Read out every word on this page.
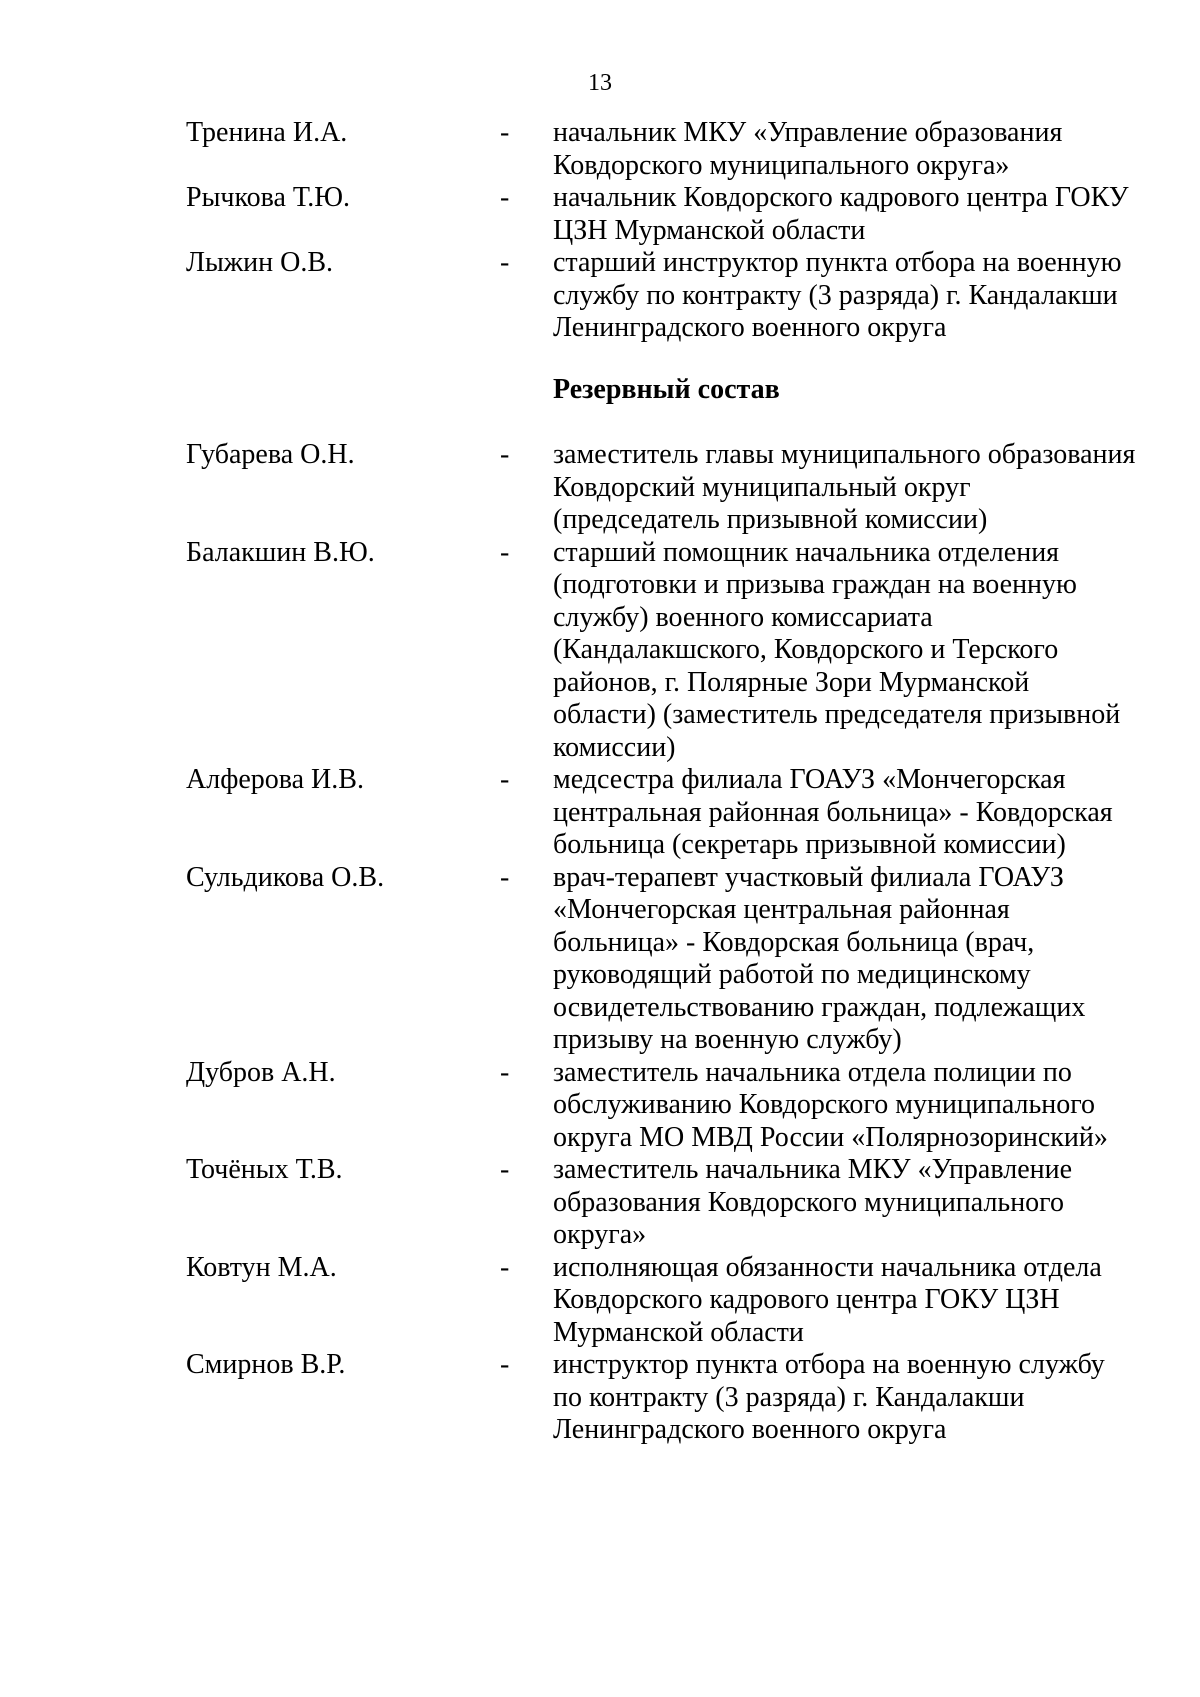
13
Тренина И.А.	- начальник МКУ «Управление образования
Ковдорского муниципального округа»
Рычкова Т.Ю.	- начальник Ковдорского кадрового центра ГОКУ
ЦЗН Мурманской области
Лыжин О.В.	- старший инструктор пункта отбора на военную
службу по контракту (3 разряда) г. Кандалакши
Ленинградского военного округа
Резервный состав
Губарева О.Н.	- заместитель главы муниципального образования
Ковдорский муниципальный округ
(председатель призывной комиссии)
Балакшин В.Ю.	- старший помощник начальника отделения
(подготовки и призыва граждан на военную
службу) военного комиссариата
(Кандалакшского, Ковдорского и Терского
районов, г. Полярные Зори Мурманской
области) (заместитель председателя призывной
комиссии)
Алферова И.В.	- медсестра филиала ГОАУЗ «Мончегорская
центральная районная больница» - Ковдорская
больница (секретарь призывной комиссии)
Сульдикова О.В.	- врач-терапевт участковый филиала ГОАУЗ
«Мончегорская центральная районная
больница» - Ковдорская больница (врач,
руководящий работой по медицинскому
освидетельствованию граждан, подлежащих
призыву на военную службу)
Дубров А.Н.	- заместитель начальника отдела полиции по
обслуживанию Ковдорского муниципального
округа МО МВД России «Полярнозоринский»
Точёных Т.В.	- заместитель начальника МКУ «Управление
образования Ковдорского муниципального
округа»
Ковтун М.А.	- исполняющая обязанности начальника отдела
Ковдорского кадрового центра ГОКУ ЦЗН
Мурманской области
Смирнов В.Р.	- инструктор пункта отбора на военную службу
по контракту (3 разряда) г. Кандалакши
Ленинградского военного округа
